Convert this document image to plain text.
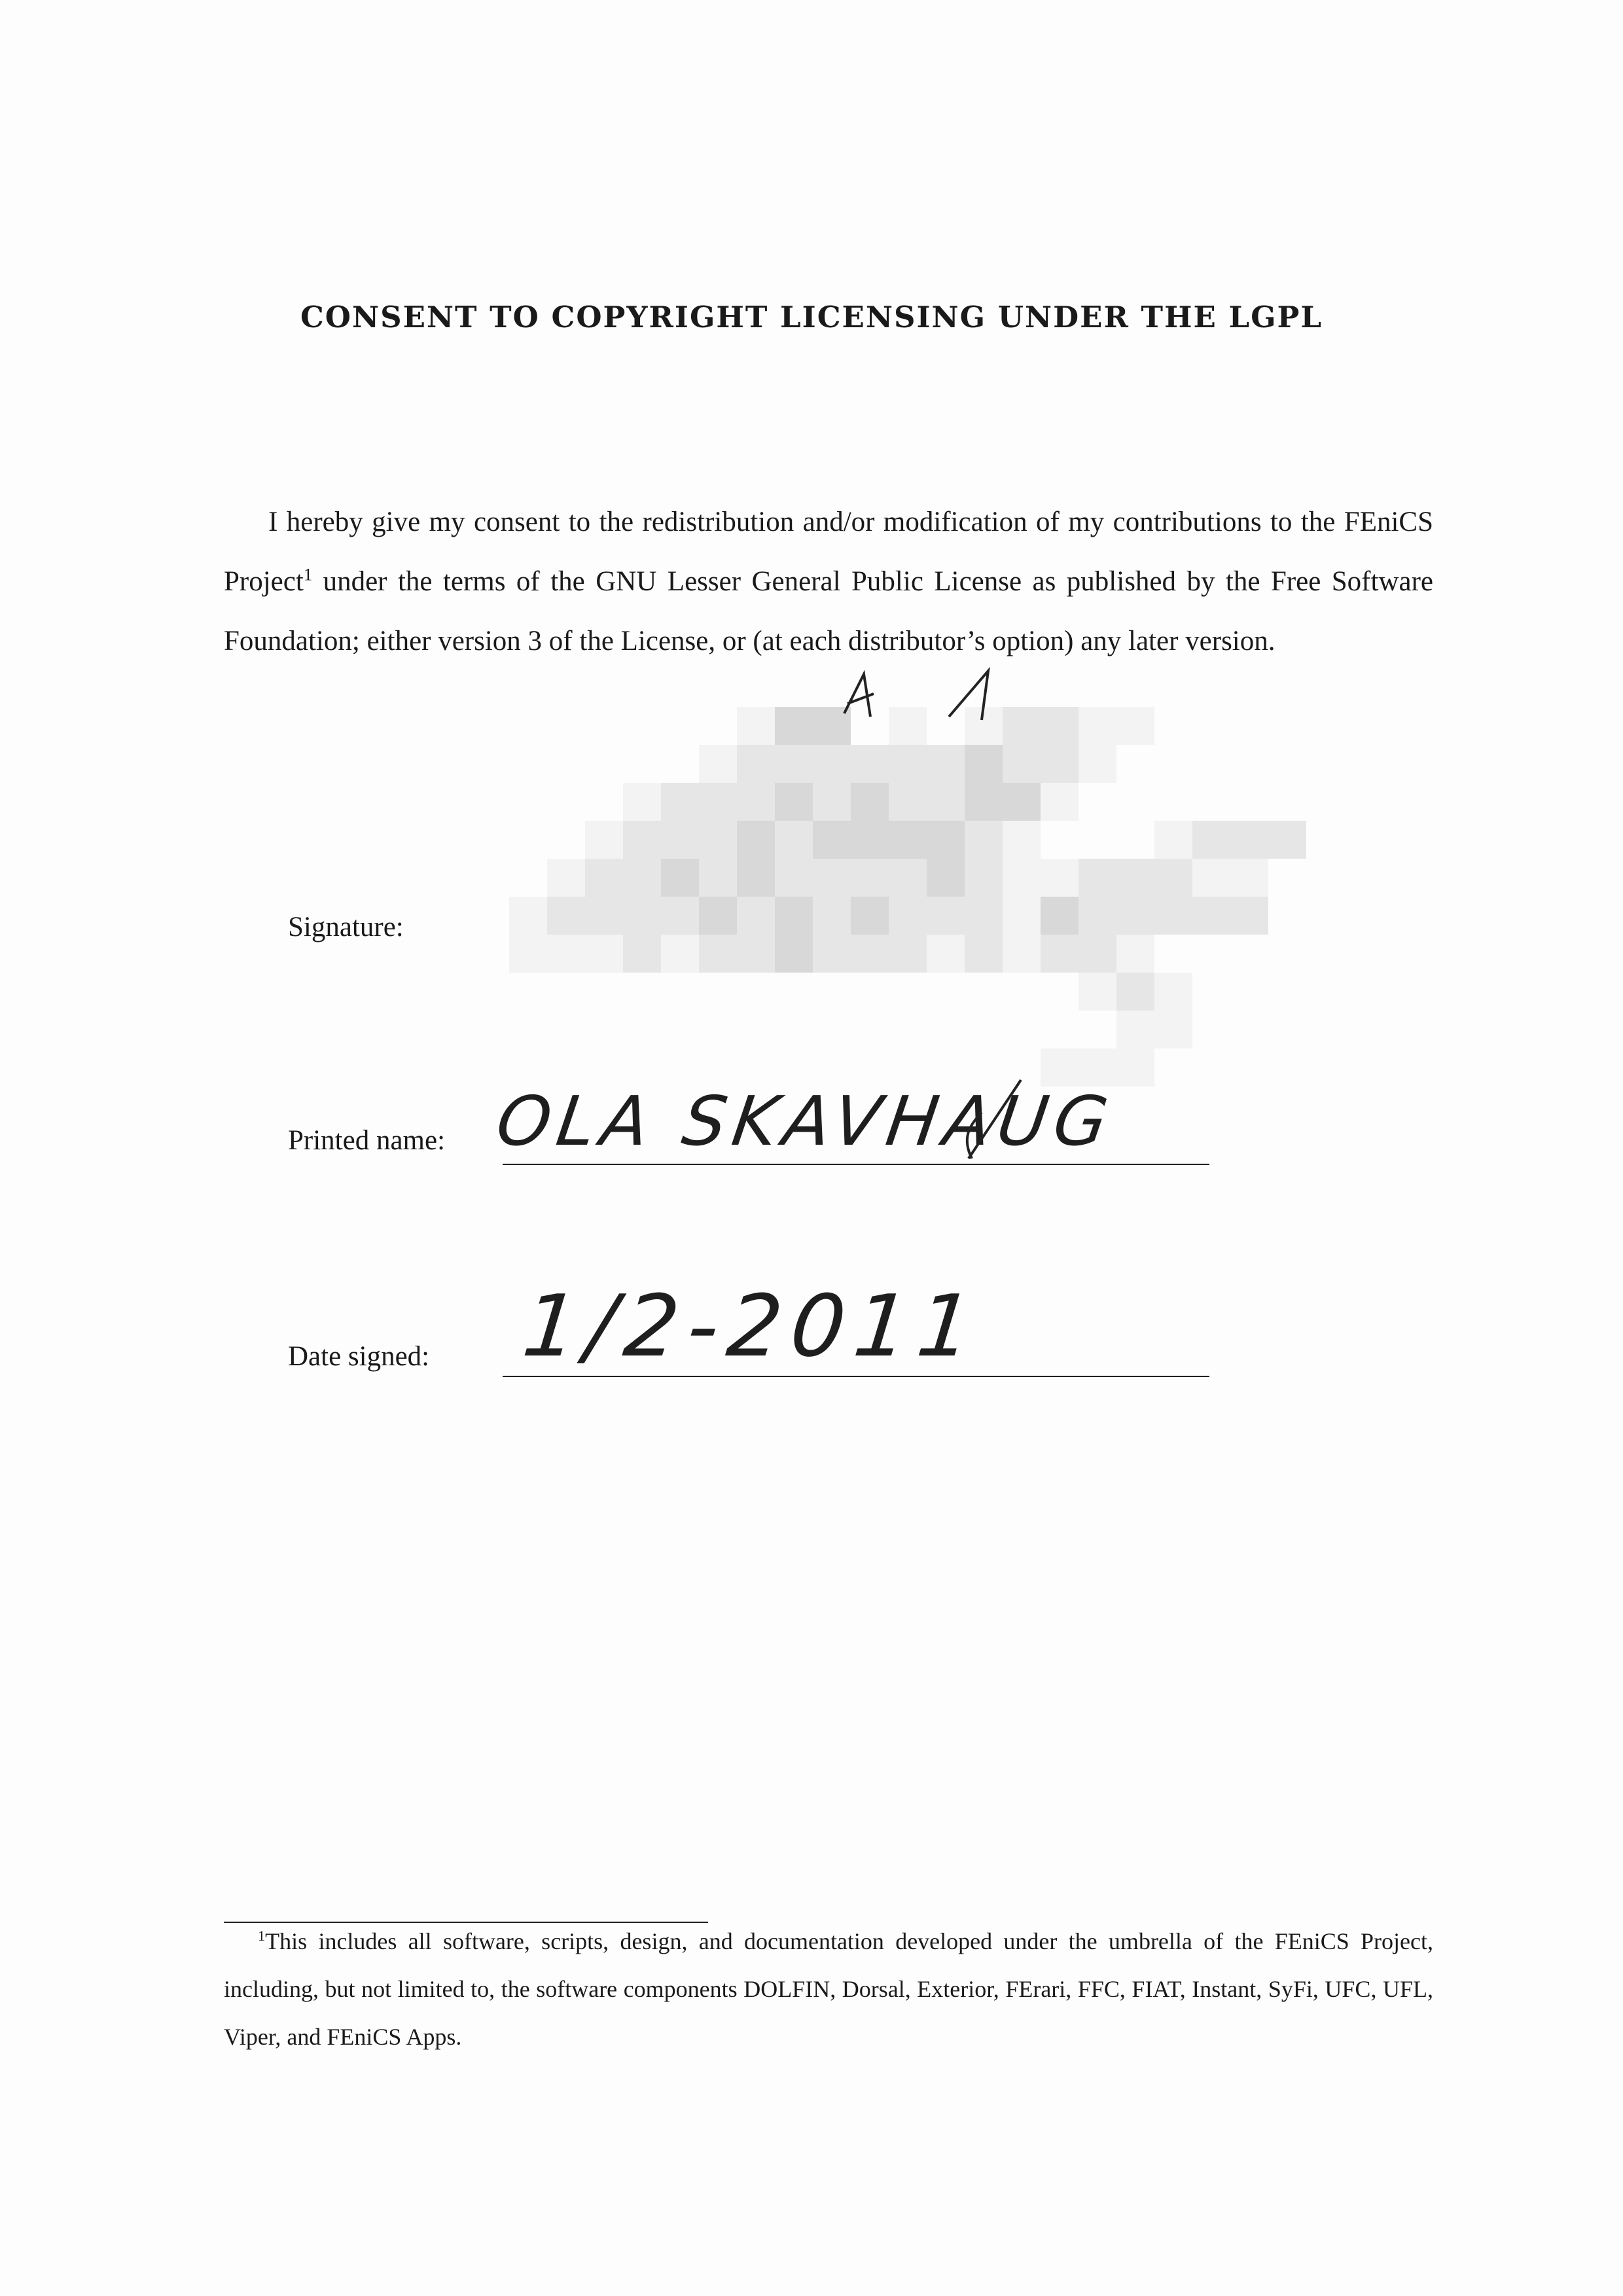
CONSENT TO COPYRIGHT LICENSING UNDER THE LGPL
I hereby give my consent to the redistribution and/or modification of my contributions to the FEniCS Project$^1$ under the terms of the GNU Lesser General Public License as published by the Free Software Foundation; either version 3 of the License, or (at each distributor’s option) any later version.
Signature:
Printed name: OLA SKAVHAUG
Date signed: 1/2-2011
$^1$This includes all software, scripts, design, and documentation developed under the umbrella of the FEniCS Project, including, but not limited to, the software components DOLFIN, Dorsal, Exterior, FErari, FFC, FIAT, Instant, SyFi, UFC, UFL, Viper, and FEniCS Apps.
